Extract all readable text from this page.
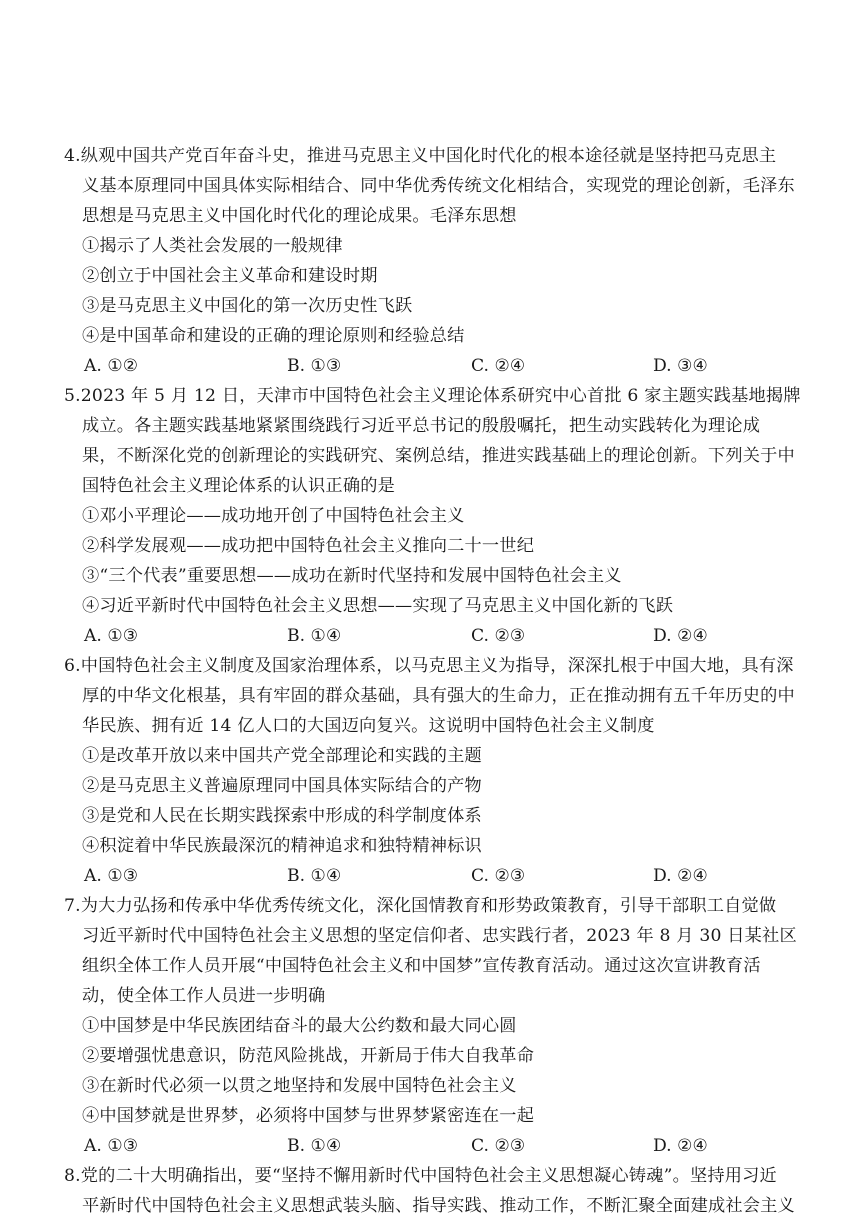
4.纵观中国共产党百年奋斗史，推进马克思主义中国化时代化的根本途径就是坚持把马克思主
义基本原理同中国具体实际相结合、同中华优秀传统文化相结合，实现党的理论创新，毛泽东
思想是马克思主义中国化时代化的理论成果。毛泽东思想
①揭示了人类社会发展的一般规律
②创立于中国社会主义革命和建设时期
③是马克思主义中国化的第一次历史性飞跃
④是中国革命和建设的正确的理论原则和经验总结
A. ①②	B. ①③	C. ②④	D. ③④
5.2023 年 5 月 12 日，天津市中国特色社会主义理论体系研究中心首批 6 家主题实践基地揭牌
成立。各主题实践基地紧紧围绕践行习近平总书记的殷殷嘱托，把生动实践转化为理论成
果，不断深化党的创新理论的实践研究、案例总结，推进实践基础上的理论创新。下列关于中
国特色社会主义理论体系的认识正确的是
①邓小平理论——成功地开创了中国特色社会主义
②科学发展观——成功把中国特色社会主义推向二十一世纪
③“三个代表”重要思想——成功在新时代坚持和发展中国特色社会主义
④习近平新时代中国特色社会主义思想——实现了马克思主义中国化新的飞跃
A. ①③	B. ①④	C. ②③	D. ②④
6.中国特色社会主义制度及国家治理体系，以马克思主义为指导，深深扎根于中国大地，具有深
厚的中华文化根基，具有牢固的群众基础，具有强大的生命力，正在推动拥有五千年历史的中
华民族、拥有近 14 亿人口的大国迈向复兴。这说明中国特色社会主义制度
①是改革开放以来中国共产党全部理论和实践的主题
②是马克思主义普遍原理同中国具体实际结合的产物
③是党和人民在长期实践探索中形成的科学制度体系
④积淀着中华民族最深沉的精神追求和独特精神标识
A. ①③	B. ①④	C. ②③	D. ②④
7.为大力弘扬和传承中华优秀传统文化，深化国情教育和形势政策教育，引导干部职工自觉做
习近平新时代中国特色社会主义思想的坚定信仰者、忠实践行者，2023 年 8 月 30 日某社区
组织全体工作人员开展“中国特色社会主义和中国梦”宣传教育活动。通过这次宣讲教育活
动，使全体工作人员进一步明确
①中国梦是中华民族团结奋斗的最大公约数和最大同心圆
②要增强忧患意识，防范风险挑战，开新局于伟大自我革命
③在新时代必须一以贯之地坚持和发展中国特色社会主义
④中国梦就是世界梦，必须将中国梦与世界梦紧密连在一起
A. ①③	B. ①④	C. ②③	D. ②④
8.党的二十大明确指出，要“坚持不懈用新时代中国特色社会主义思想凝心铸魂”。坚持用习近
平新时代中国特色社会主义思想武装头脑、指导实践、推动工作，不断汇聚全面建成社会主义
